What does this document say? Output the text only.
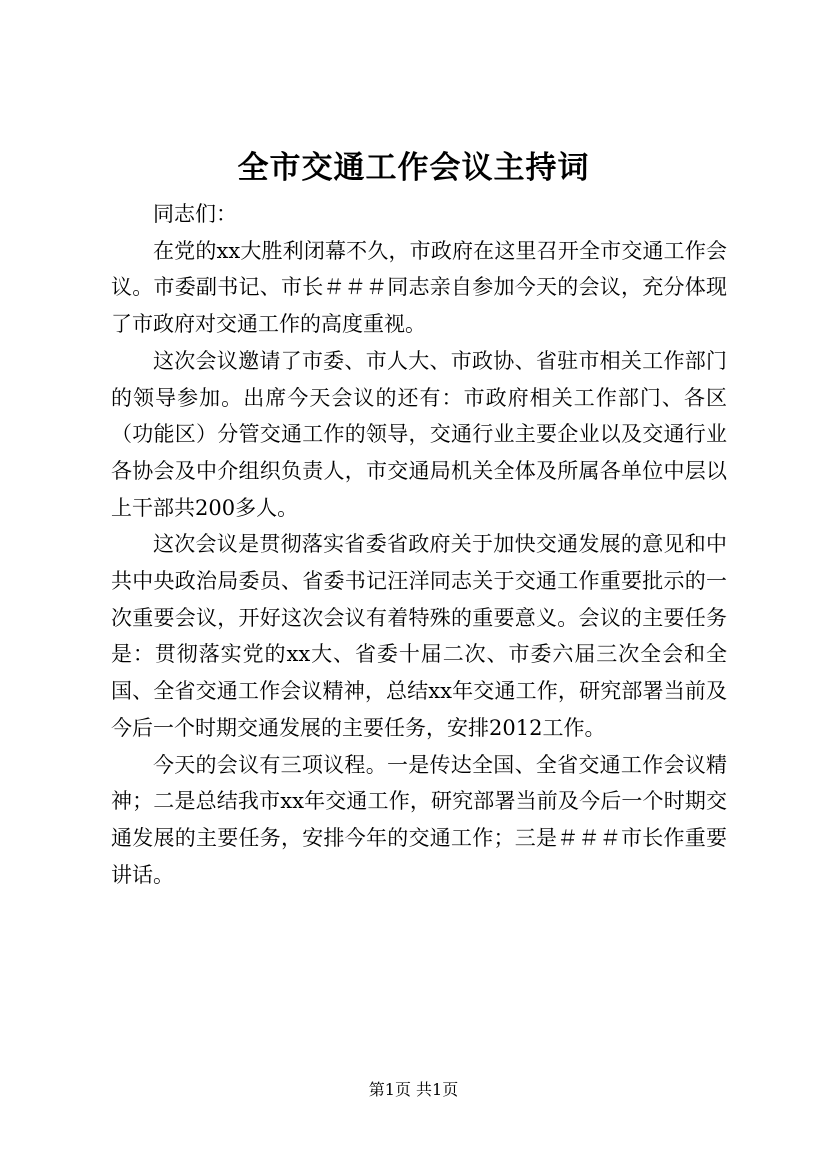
全市交通工作会议主持词

同志们：

在党的xx大胜利闭幕不久，市政府在这里召开全市交通工作会议。市委副书记、市长＃＃＃同志亲自参加今天的会议，充分体现了市政府对交通工作的高度重视。

这次会议邀请了市委、市人大、市政协、省驻市相关工作部门的领导参加。出席今天会议的还有：市政府相关工作部门、各区（功能区）分管交通工作的领导，交通行业主要企业以及交通行业各协会及中介组织负责人，市交通局机关全体及所属各单位中层以上干部共200多人。

这次会议是贯彻落实省委省政府关于加快交通发展的意见和中共中央政治局委员、省委书记汪洋同志关于交通工作重要批示的一次重要会议，开好这次会议有着特殊的重要意义。会议的主要任务是：贯彻落实党的xx大、省委十届二次、市委六届三次全会和全国、全省交通工作会议精神，总结xx年交通工作，研究部署当前及今后一个时期交通发展的主要任务，安排2012工作。

今天的会议有三项议程。一是传达全国、全省交通工作会议精神；二是总结我市xx年交通工作，研究部署当前及今后一个时期交通发展的主要任务，安排今年的交通工作；三是＃＃＃市长作重要讲话。

第1页 共1页
